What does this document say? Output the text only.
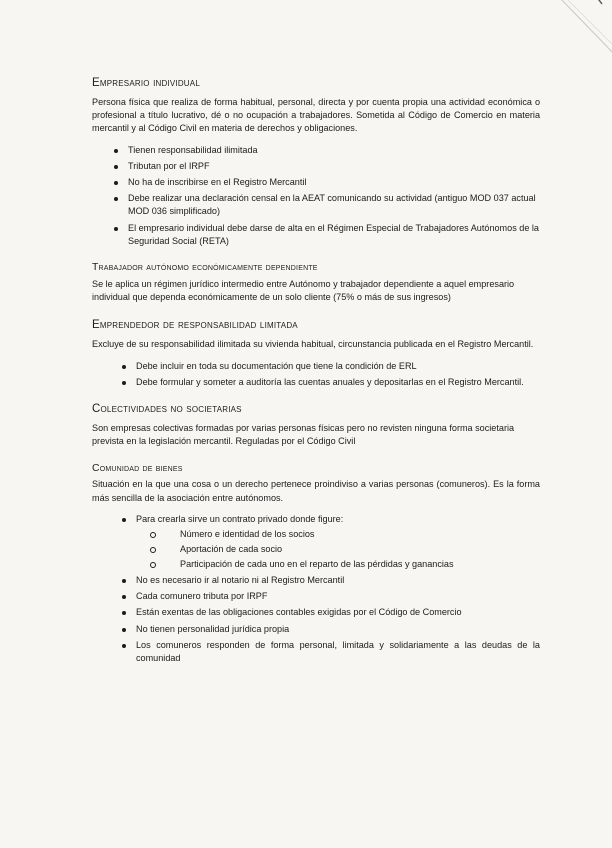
Empresario individual

Persona física que realiza de forma habitual, personal, directa y por cuenta propia una actividad económica o profesional a título lucrativo, dé o no ocupación a trabajadores. Sometida al Código de Comercio en materia mercantil y al Código Civil en materia de derechos y obligaciones.

Tienen responsabilidad ilimitada
Tributan por el IRPF
No ha de inscribirse en el Registro Mercantil
Debe realizar una declaración censal en la AEAT comunicando su actividad (antiguo MOD 037 actual MOD 036 simplificado)
El empresario individual debe darse de alta en el Régimen Especial de Trabajadores Autónomos de la Seguridad Social (RETA)
Trabajador autónomo económicamente dependiente

Se le aplica un régimen jurídico intermedio entre Autónomo y trabajador dependiente a aquel empresario individual que dependa económicamente de un solo cliente (75% o más de sus ingresos)

Emprendedor de responsabilidad limitada

Excluye de su responsabilidad ilimitada su vivienda habitual, circunstancia publicada en el Registro Mercantil.

Debe incluir en toda su documentación que tiene la condición de ERL
Debe formular y someter a auditoría las cuentas anuales y depositarlas en el Registro Mercantil.
Colectividades no societarias

Son empresas colectivas formadas por varias personas físicas pero no revisten ninguna forma societaria prevista en la legislación mercantil. Reguladas por el Código Civil

Comunidad de bienes

Situación en la que una cosa o un derecho pertenece proindiviso a varias personas (comuneros). Es la forma más sencilla de la asociación entre autónomos.

Para crearla sirve un contrato privado donde figure:
Número e identidad de los socios
Aportación de cada socio
Participación de cada uno en el reparto de las pérdidas y ganancias
No es necesario ir al notario ni al Registro Mercantil
Cada comunero tributa por IRPF
Están exentas de las obligaciones contables exigidas por el Código de Comercio
No tienen personalidad jurídica propia
Los comuneros responden de forma personal, limitada y solidariamente a las deudas de la comunidad
